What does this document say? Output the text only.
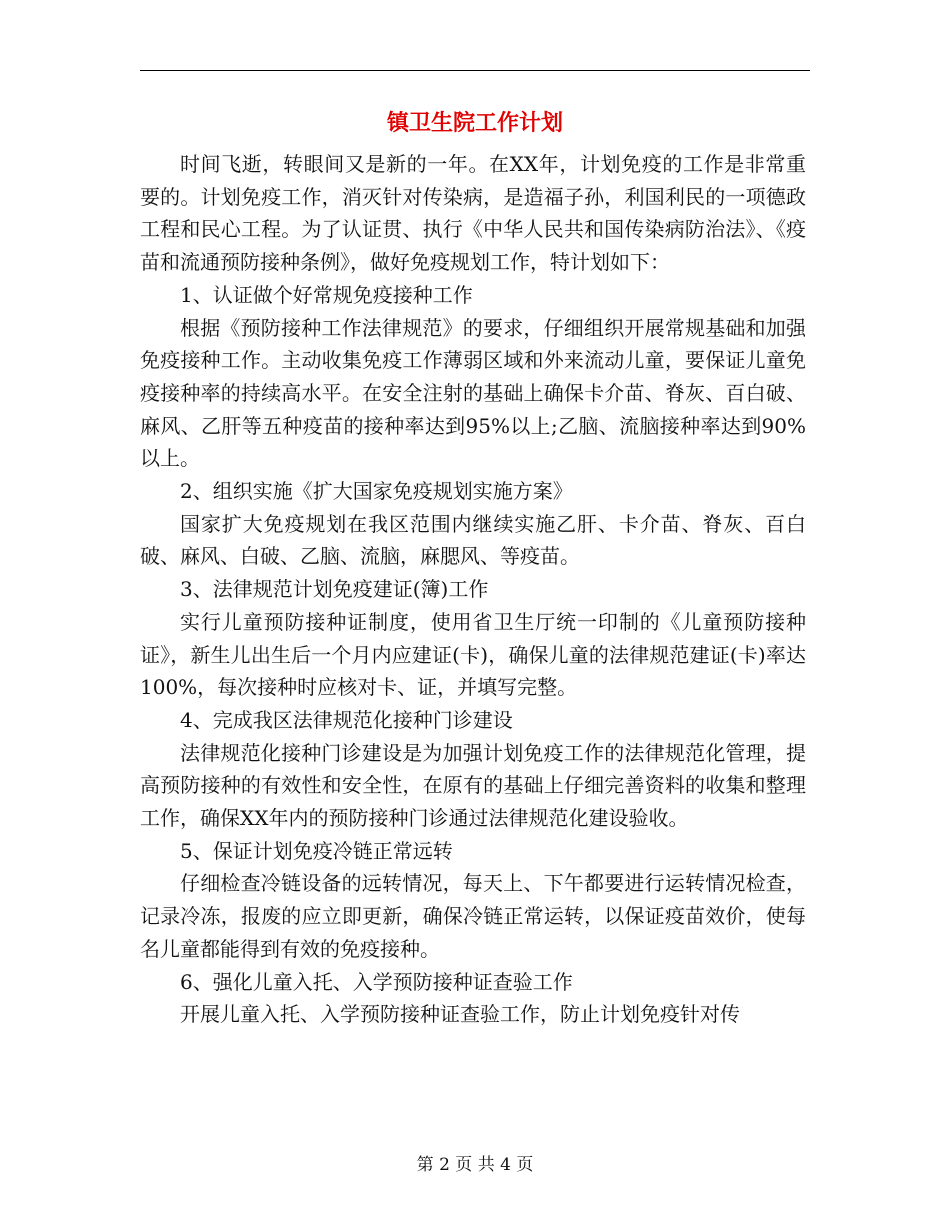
镇卫生院工作计划

时间飞逝，转眼间又是新的一年。在XX年，计划免疫的工作是非常重要的。计划免疫工作，消灭针对传染病，是造福子孙，利国利民的一项德政工程和民心工程。为了认证贯、执行《中华人民共和国传染病防治法》、《疫苗和流通预防接种条例》，做好免疫规划工作，特计划如下：

1、认证做个好常规免疫接种工作

根据《预防接种工作法律规范》的要求，仔细组织开展常规基础和加强免疫接种工作。主动收集免疫工作薄弱区域和外来流动儿童，要保证儿童免疫接种率的持续高水平。在安全注射的基础上确保卡介苗、脊灰、百白破、麻风、乙肝等五种疫苗的接种率达到95%以上;乙脑、流脑接种率达到90%以上。

2、组织实施《扩大国家免疫规划实施方案》

国家扩大免疫规划在我区范围内继续实施乙肝、卡介苗、脊灰、百白破、麻风、白破、乙脑、流脑，麻腮风、等疫苗。

3、法律规范计划免疫建证(簿)工作

实行儿童预防接种证制度，使用省卫生厅统一印制的《儿童预防接种证》，新生儿出生后一个月内应建证(卡)，确保儿童的法律规范建证(卡)率达100%，每次接种时应核对卡、证，并填写完整。

4、完成我区法律规范化接种门诊建设

法律规范化接种门诊建设是为加强计划免疫工作的法律规范化管理，提高预防接种的有效性和安全性，在原有的基础上仔细完善资料的收集和整理工作，确保XX年内的预防接种门诊通过法律规范化建设验收。

5、保证计划免疫冷链正常远转

仔细检查冷链设备的远转情况，每天上、下午都要进行运转情况检查，记录冷冻，报废的应立即更新，确保冷链正常运转，以保证疫苗效价，使每名儿童都能得到有效的免疫接种。

6、强化儿童入托、入学预防接种证查验工作

开展儿童入托、入学预防接种证查验工作，防止计划免疫针对传

第 2 页 共 4 页
